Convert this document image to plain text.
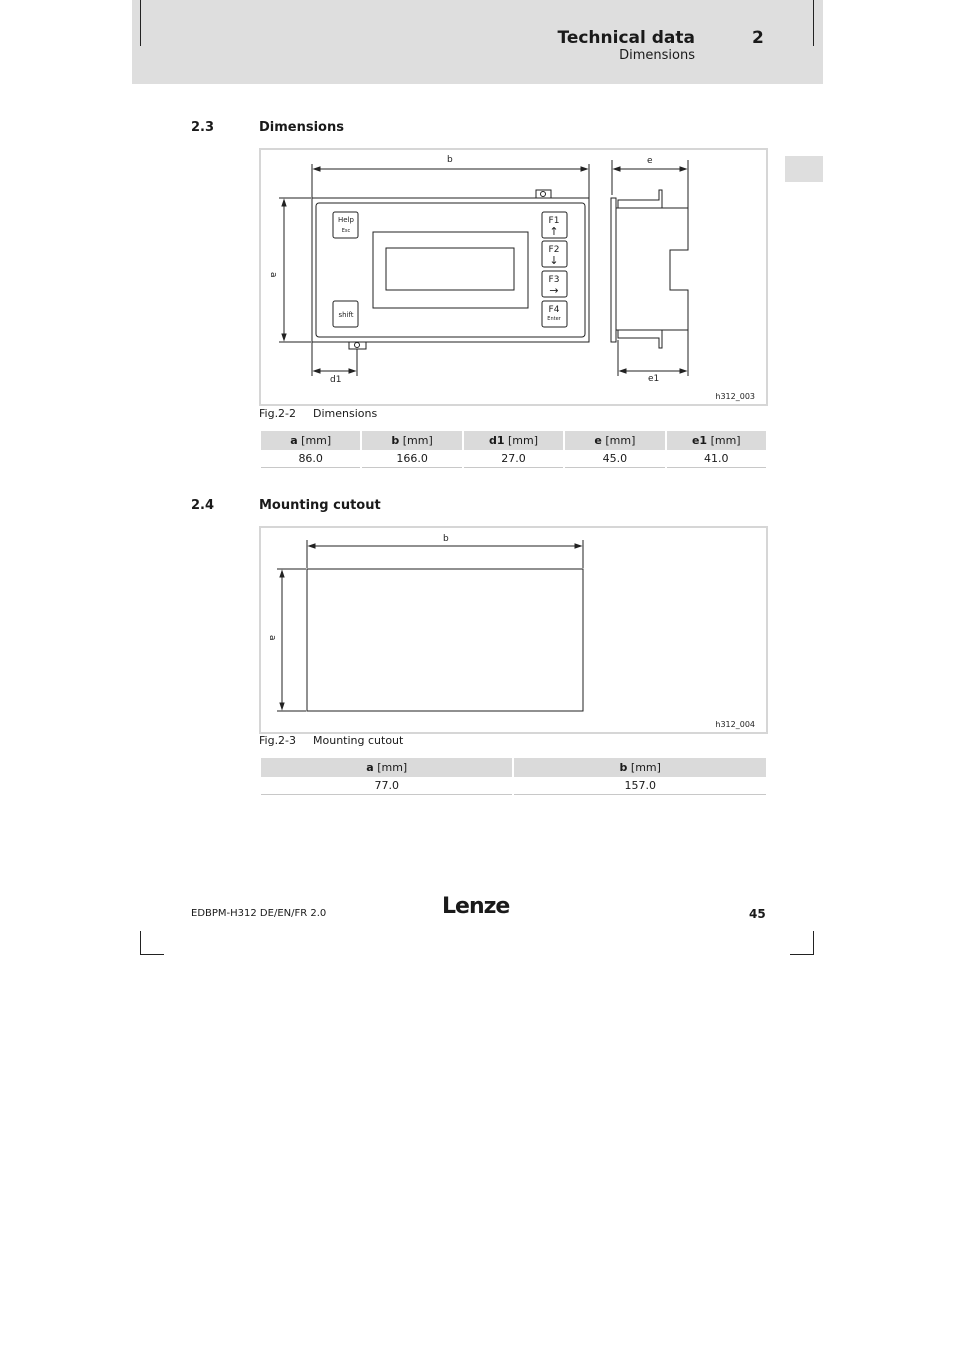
Technical data	2
Dimensions
2.3	Dimensions
b
a
d1
e
e1
Help
Esc
shift
F1
↑
F2
↓
F3
→
F4
Enter
h312_003
Fig.2-2 Dimensions
a [mm]	b [mm]	d1 [mm]	e [mm]	e1 [mm]
86.0	166.0	27.0	45.0	41.0
2.4	Mounting cutout
b
a
h312_004
Fig.2-3 Mounting cutout
a [mm]	b [mm]
77.0	157.0
EDBPM-H312 DE/EN/FR 2.0	Lenze	45
